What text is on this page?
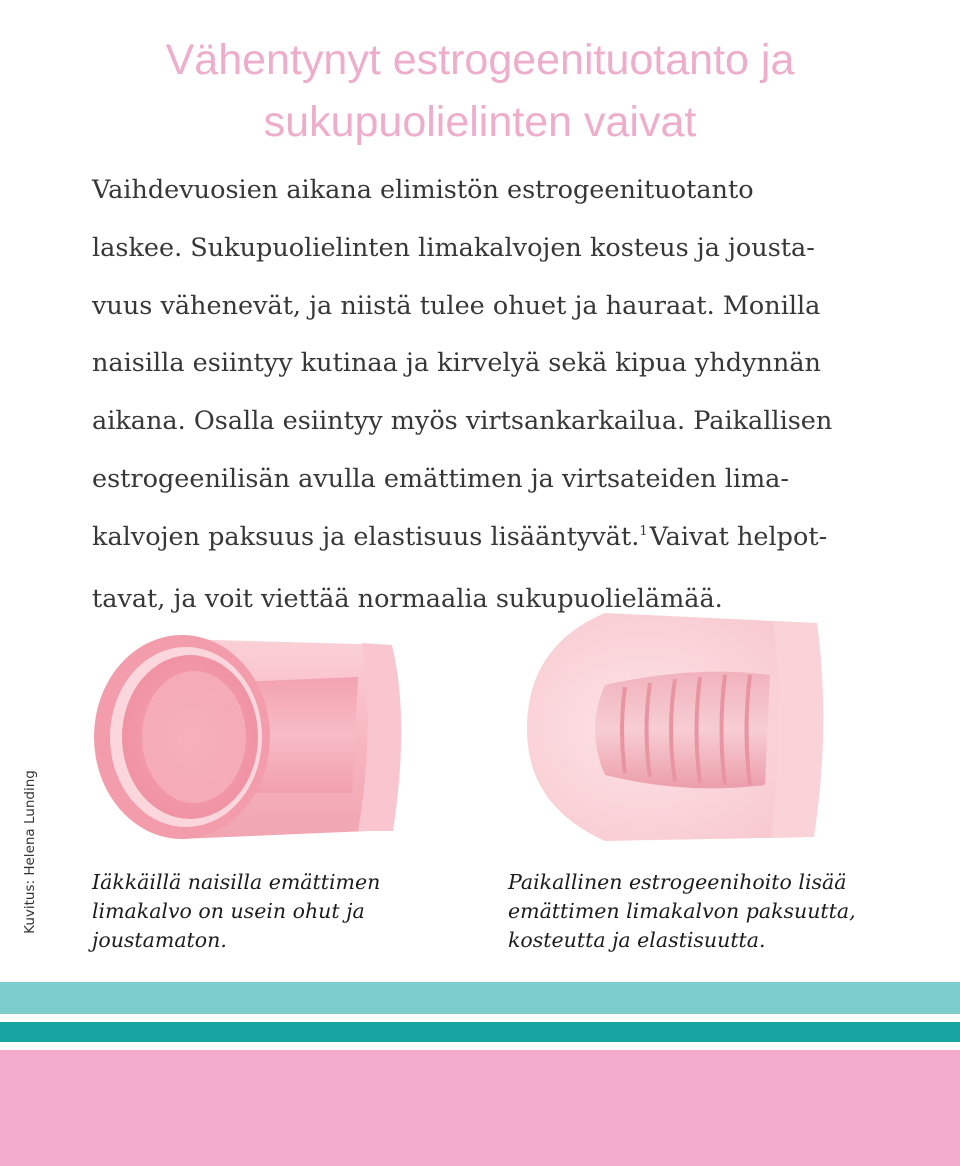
Vähentynyt estrogeenituotanto ja
sukupuolielinten vaivat
Vaihdevuosien aikana elimistön estrogeenituotanto
laskee. Sukupuolielinten limakalvojen kosteus ja jousta-
vuus vähenevät, ja niistä tulee ohuet ja hauraat. Monilla
naisilla esiintyy kutinaa ja kirvelyä sekä kipua yhdynnän
aikana. Osalla esiintyy myös virtsankarkailua. Paikallisen
estrogeenilisän avulla emättimen ja virtsateiden lima-
kalvojen paksuus ja elastisuus lisääntyvät.$^1$Vaivat helpot-
tavat, ja voit viettää normaalia sukupuolielämää.
Iäkkäillä naisilla emättimen
limakalvo on usein ohut ja
joustamaton.
Paikallinen estrogeenihoito lisää
emättimen limakalvon paksuutta,
kosteutta ja elastisuutta.
Kuvitus: Helena Lunding
